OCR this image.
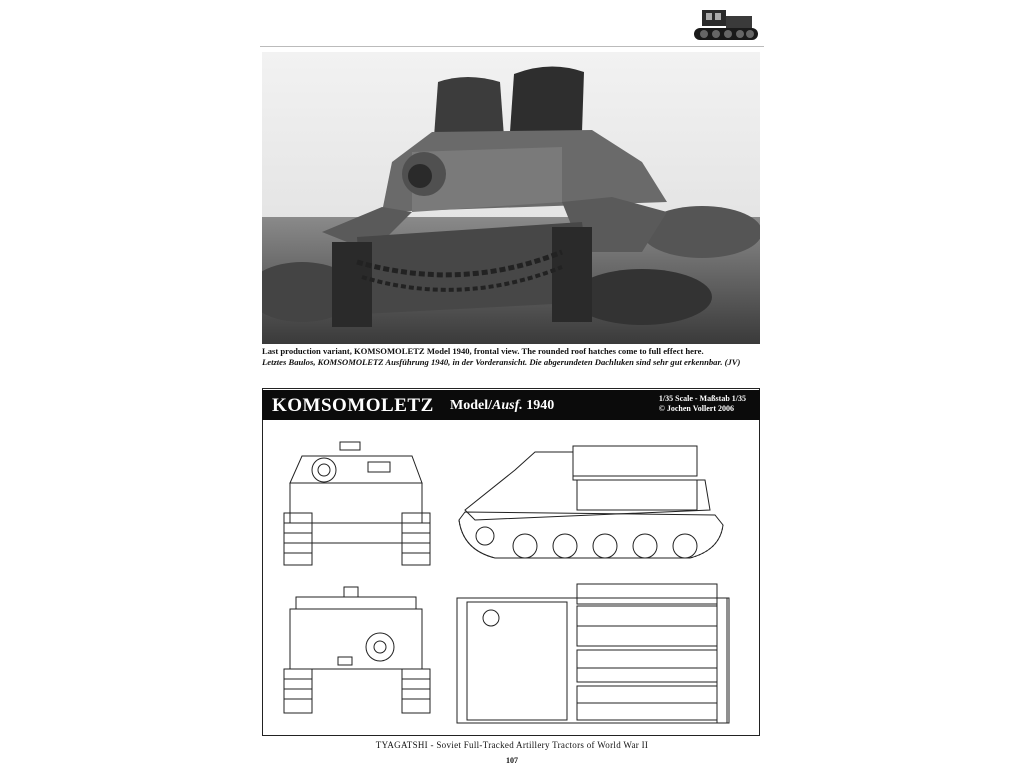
Last production variant, KOMSOMOLETZ Model 1940, frontal view. The rounded roof hatches come to full effect here.
Letztes Baulos, KOMSOMOLETZ Ausführung 1940, in der Vorderansicht. Die abgerundeten Dachluken sind sehr gut erkennbar. (JV)
KOMSOMOLETZ Model/Ausf. 1940	1/35 Scale - Maßstab 1/35
© Jochen Vollert 2006
TYAGATSHI - Soviet Full-Tracked Artillery Tractors of World War II
107
